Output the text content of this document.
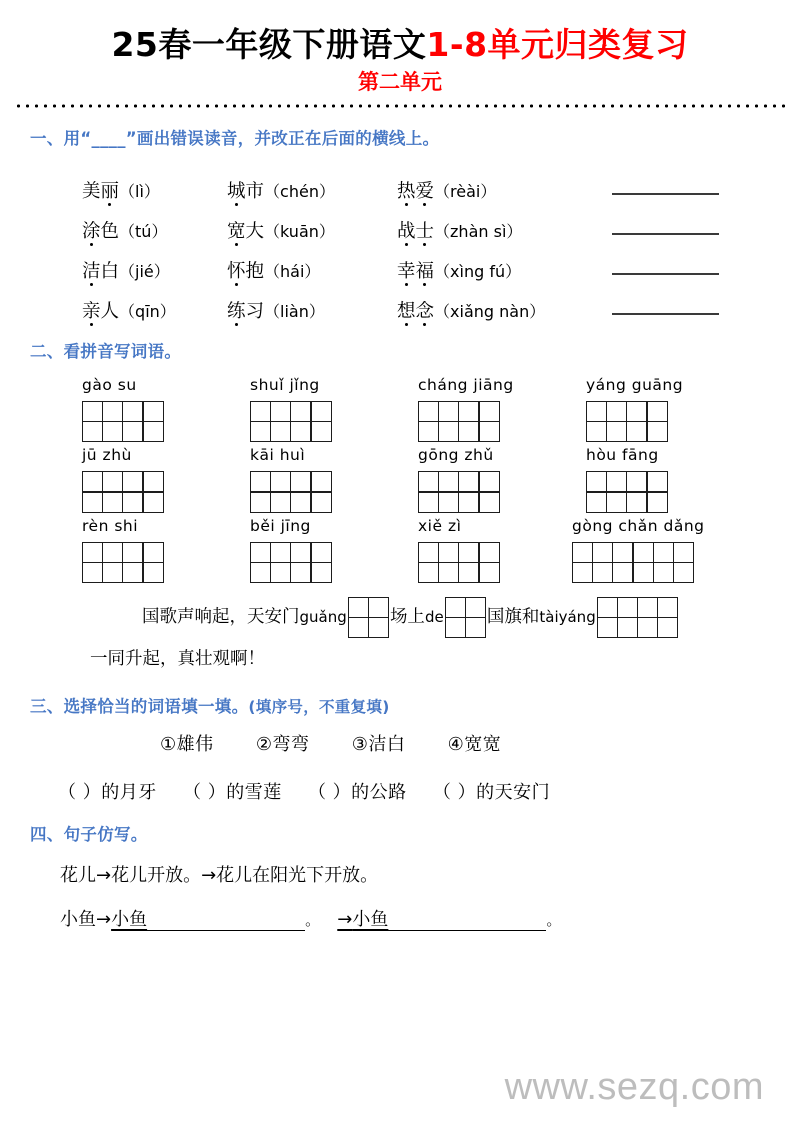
25春一年级下册语文1-8单元归类复习
第二单元
一、用“____”画出错误读音，并改正在后面的横线上。
美丽（lì）	城市（chén）	热爱（rèài）
涂色（tú）	宽大（kuān）	战士（zhàn sì）
洁白（jié）	怀抱（hái）	幸福（xìng fú）
亲人（qīn）	练习（liàn）	想念（xiǎng nàn）
二、看拼音写词语。
gào su	shuǐ jǐng	cháng jiāng	yáng guāng
jū zhù	kāi huì	gōng zhǔ	hòu fāng
rèn shi	běi jīng	xiě zì	gòng chǎn dǎng
国歌声响起，天安门 guǎng 场上 de 国旗和 tàiyáng
一同升起，真壮观啊！
三、选择恰当的词语填一填。(填序号，不重复填)
①雄伟 ②弯弯 ③洁白 ④宽宽
（ ）的月牙 （ ）的雪莲 （ ）的公路 （ ）的天安门
四、句子仿写。
花儿→花儿开放。→花儿在阳光下开放。
小鱼→小鱼	。 →小鱼	。
www.sezq.com
